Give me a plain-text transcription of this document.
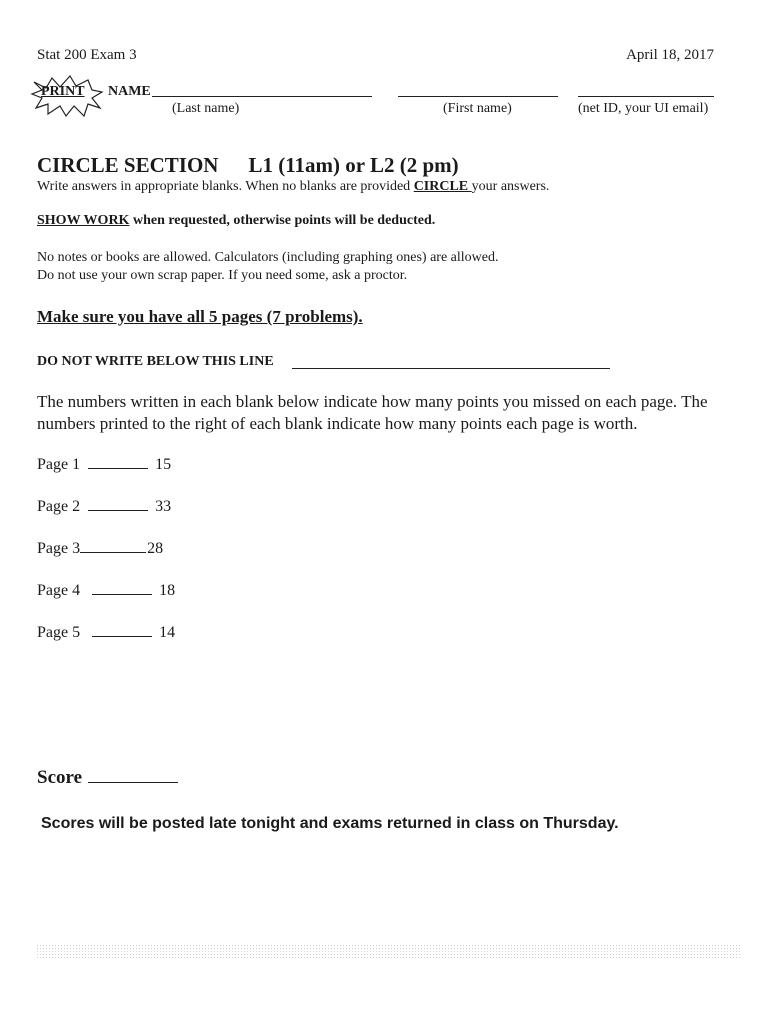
Stat 200 Exam 3	April 18, 2017
PRINT NAME
(Last name)	(First name)	(net ID, your UI email)
CIRCLE SECTION L1 (11am) or L2 (2 pm)
Write answers in appropriate blanks. When no blanks are provided CIRCLE your answers.
SHOW WORK when requested, otherwise points will be deducted.
No notes or books are allowed. Calculators (including graphing ones) are allowed.
Do not use your own scrap paper. If you need some, ask a proctor.
Make sure you have all 5 pages (7 problems).
DO NOT WRITE BELOW THIS LINE
The numbers written in each blank below indicate how many points you missed on each page. The numbers printed to the right of each blank indicate how many points each page is worth.
Page 1	15
Page 2	33
Page 3	28
Page 4	18
Page 5	14
Score
Scores will be posted late tonight and exams returned in class on Thursday.
